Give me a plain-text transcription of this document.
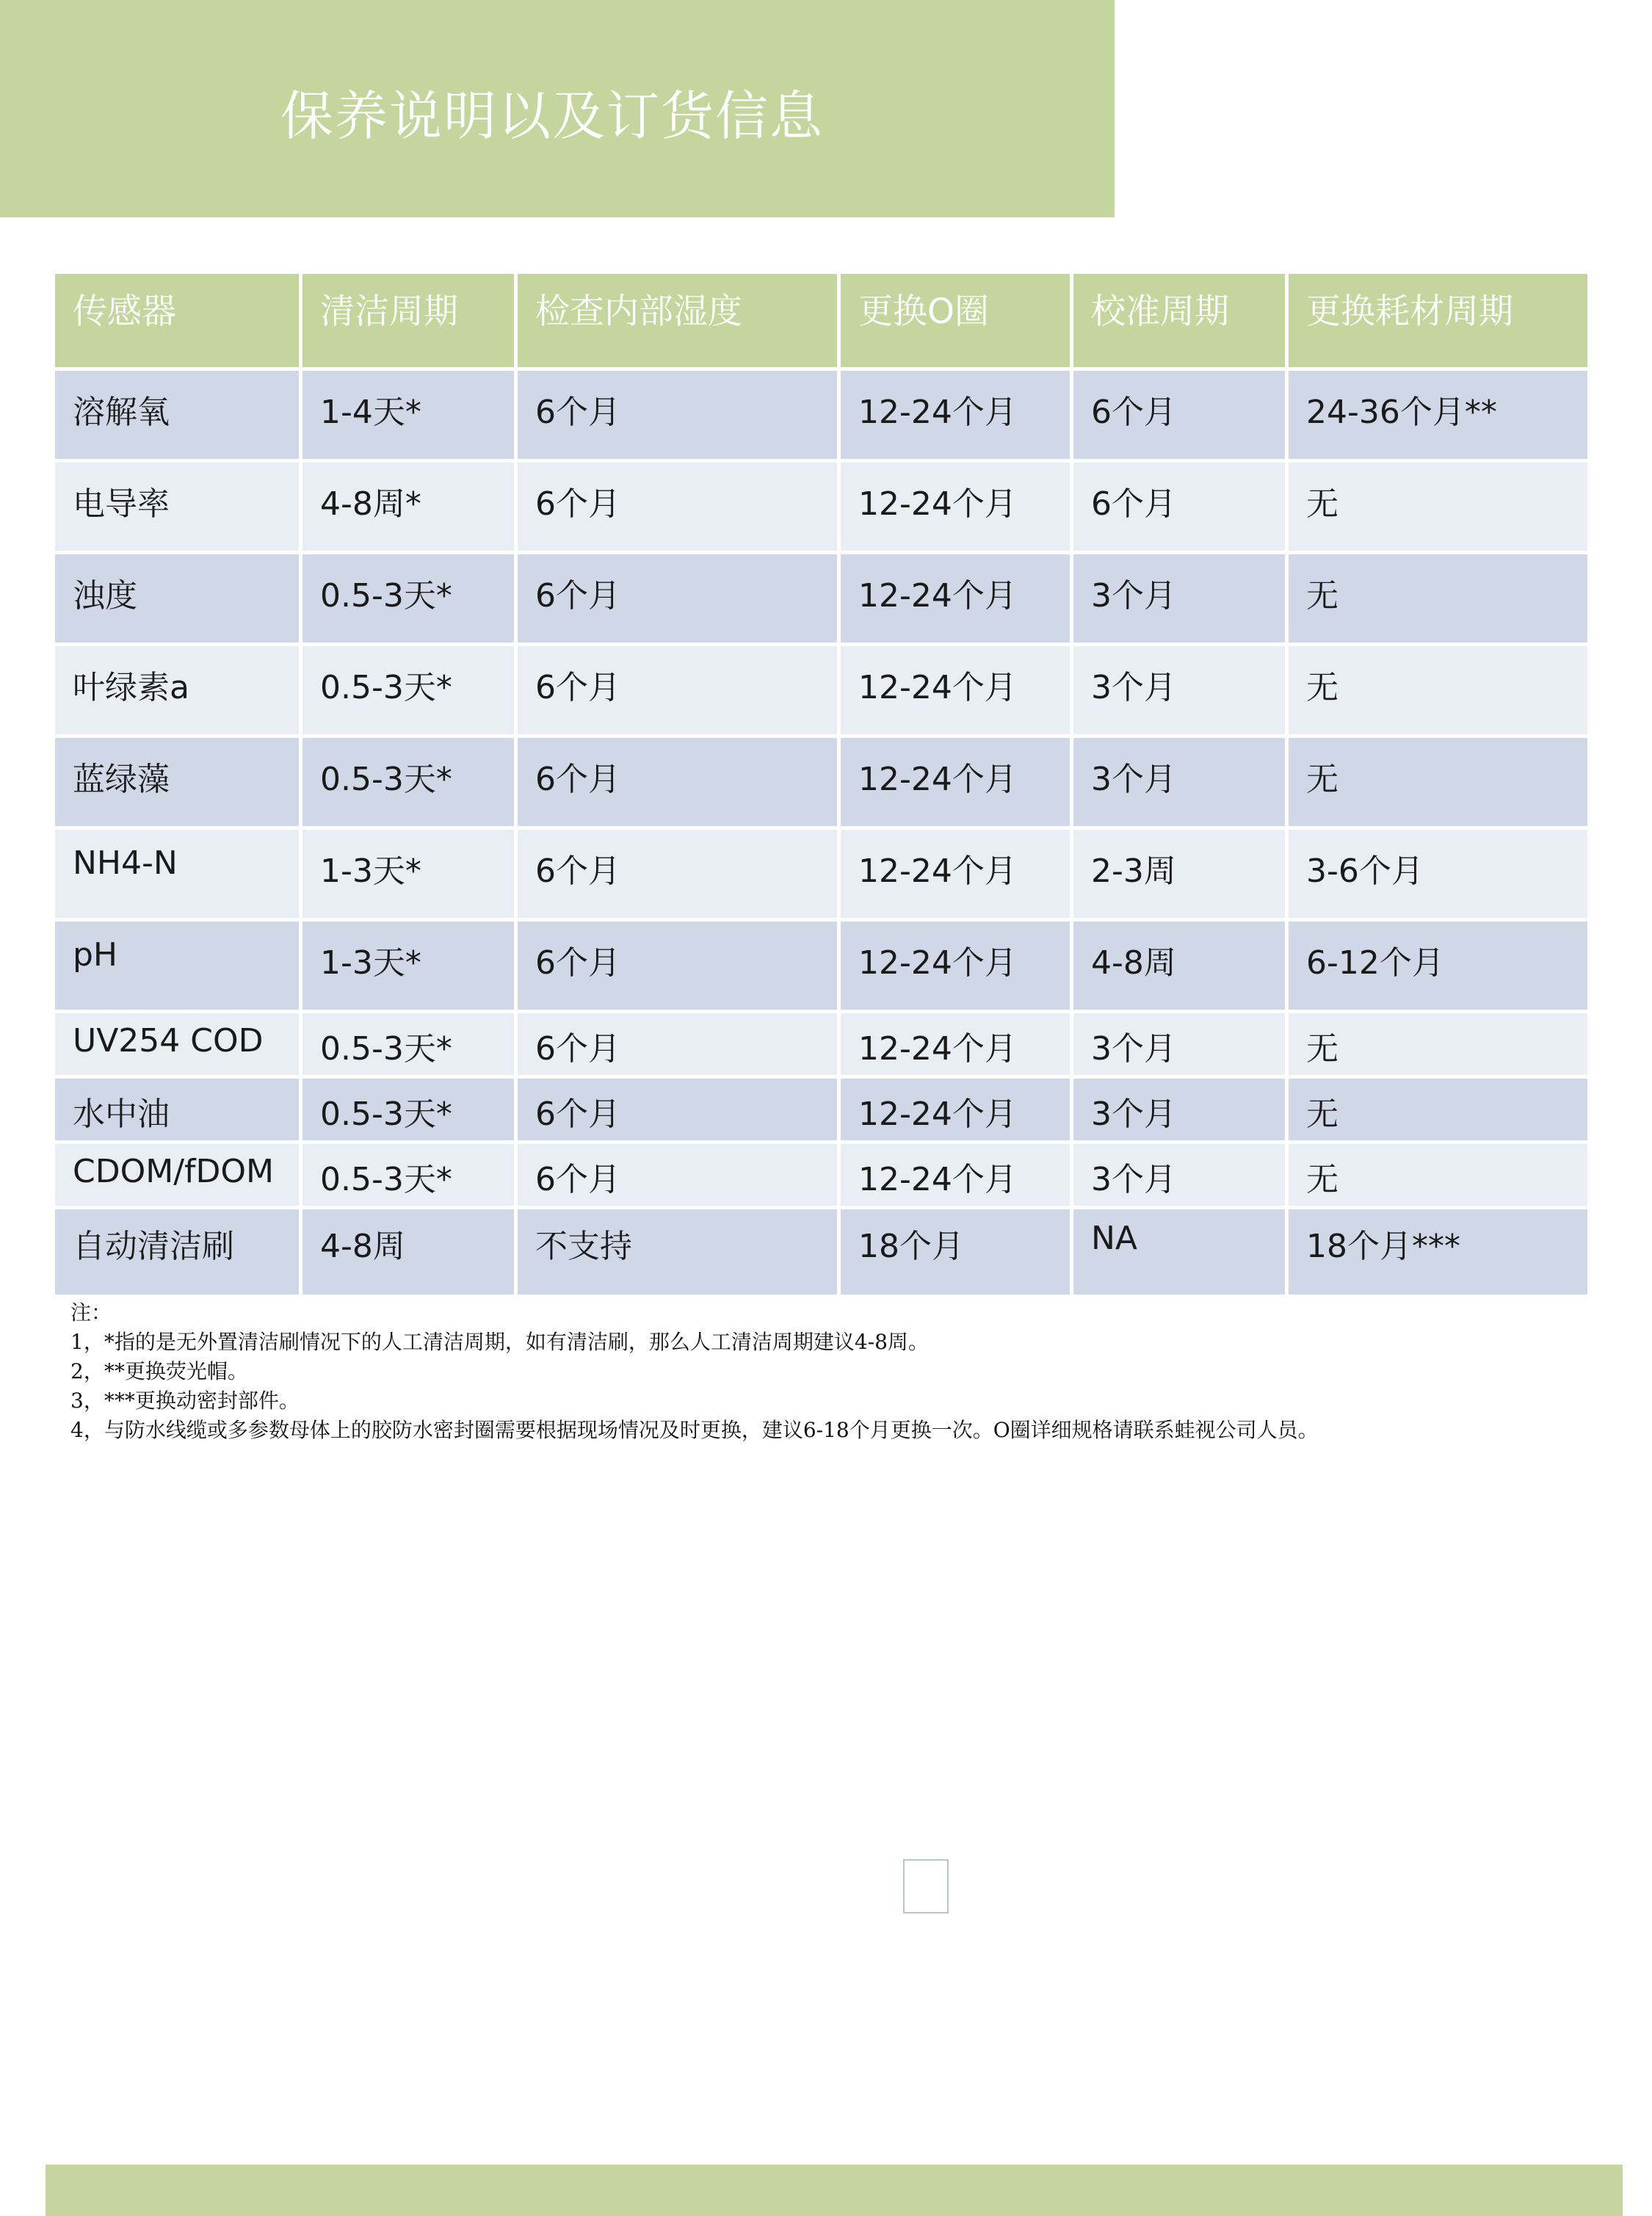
保养说明以及订货信息
传感器	清洁周期	检查内部湿度	更换O圈	校准周期	更换耗材周期
溶解氧	1-4天*	6个月	12-24个月	6个月	24-36个月**
电导率	4-8周*	6个月	12-24个月	6个月	无
浊度	0.5-3天*	6个月	12-24个月	3个月	无
叶绿素a	0.5-3天*	6个月	12-24个月	3个月	无
蓝绿藻	0.5-3天*	6个月	12-24个月	3个月	无
NH4-N	1-3天*	6个月	12-24个月	2-3周	3-6个月
pH	1-3天*	6个月	12-24个月	4-8周	6-12个月
UV254 COD	0.5-3天*	6个月	12-24个月	3个月	无
水中油	0.5-3天*	6个月	12-24个月	3个月	无
CDOM/fDOM	0.5-3天*	6个月	12-24个月	3个月	无
自动清洁刷	4-8周	不支持	18个月	NA	18个月***
注：
1，*指的是无外置清洁刷情况下的人工清洁周期，如有清洁刷，那么人工清洁周期建议4-8周。
2，**更换荧光帽。
3，***更换动密封部件。
4，与防水线缆或多参数母体上的胶防水密封圈需要根据现场情况及时更换，建议6-18个月更换一次。O圈详细规格请联系蛙视公司人员。
